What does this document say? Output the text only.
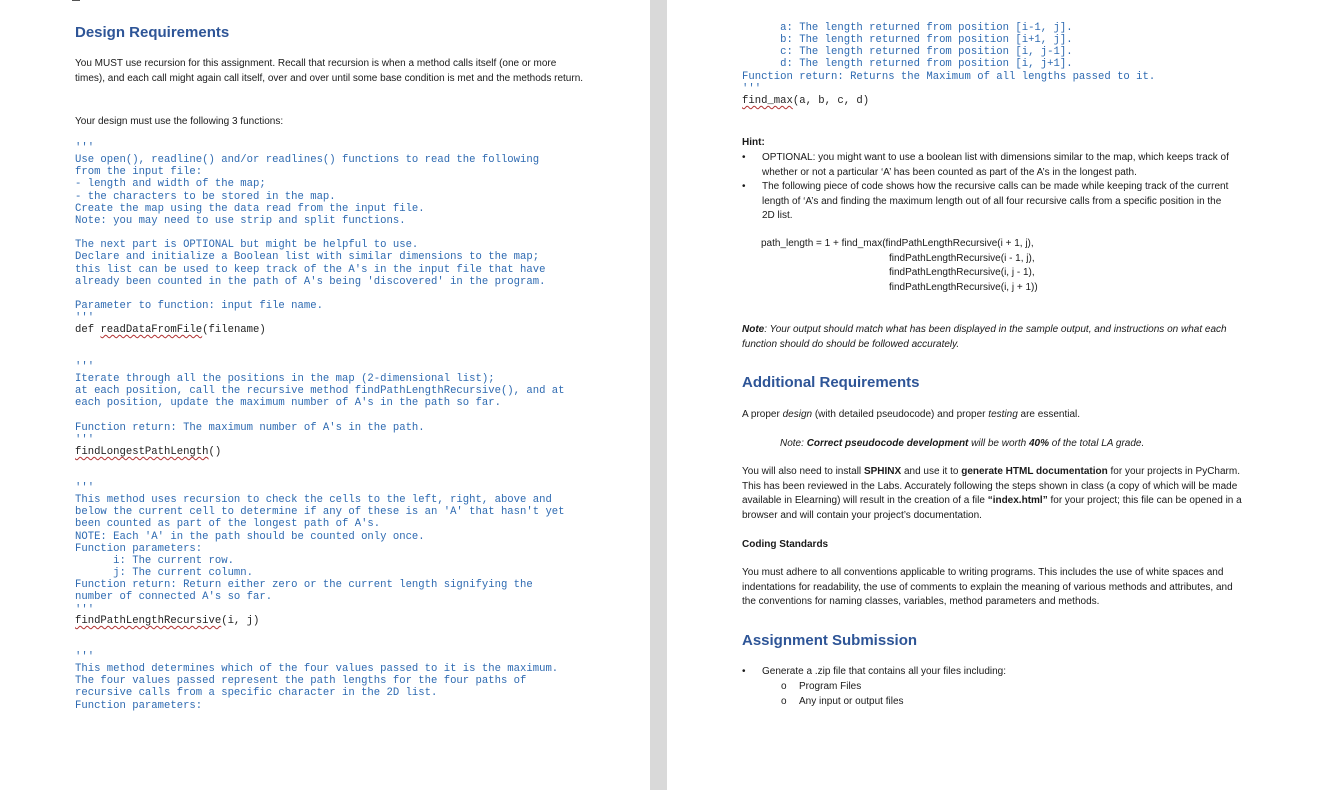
Design Requirements
You MUST use recursion for this assignment. Recall that recursion is when a method calls itself (one or more times), and each call might again call itself, over and over until some base condition is met and the methods return.
Your design must use the following 3 functions:
'''
Use open(), readline() and/or readlines() functions to read the following
from the input file:
- length and width of the map;
- the characters to be stored in the map.
Create the map using the data read from the input file.
Note: you may need to use strip and split functions.

The next part is OPTIONAL but might be helpful to use.
Declare and initialize a Boolean list with similar dimensions to the map;
this list can be used to keep track of the A's in the input file that have
already been counted in the path of A's being 'discovered' in the program.

Parameter to function: input file name.
'''
def readDataFromFile(filename)
'''
Iterate through all the positions in the map (2-dimensional list);
at each position, call the recursive method findPathLengthRecursive(), and at
each position, update the maximum number of A's in the path so far.

Function return: The maximum number of A's in the path.
'''
findLongestPathLength()
'''
This method uses recursion to check the cells to the left, right, above and
below the current cell to determine if any of these is an 'A' that hasn't yet
been counted as part of the longest path of A's.
NOTE: Each 'A' in the path should be counted only once.
Function parameters:
i: The current row.
j: The current column.
Function return: Return either zero or the current length signifying the
number of connected A's so far.
'''
findPathLengthRecursive(i, j)
'''
This method determines which of the four values passed to it is the maximum.
The four values passed represent the path lengths for the four paths of
recursive calls from a specific character in the 2D list.
Function parameters:
a: The length returned from position [i-1, j].
b: The length returned from position [i+1, j].
c: The length returned from position [i, j-1].
d: The length returned from position [i, j+1].
Function return: Returns the Maximum of all lengths passed to it.
'''
find_max(a, b, c, d)
Hint:
• OPTIONAL: you might want to use a boolean list with dimensions similar to the map, which keeps track of whether or not a particular ‘A’ has been counted as part of the A’s in the longest path.
• The following piece of code shows how the recursive calls can be made while keeping track of the current length of ‘A’s and finding the maximum length out of all four recursive calls from a specific position in the 2D list.
path_length = 1 + find_max(findPathLengthRecursive(i + 1, j),
findPathLengthRecursive(i - 1, j),
findPathLengthRecursive(i, j - 1),
findPathLengthRecursive(i, j + 1))
Note: Your output should match what has been displayed in the sample output, and instructions on what each function should do should be followed accurately.
Additional Requirements
A proper design (with detailed pseudocode) and proper testing are essential.
Note: Correct pseudocode development will be worth 40% of the total LA grade.
You will also need to install SPHINX and use it to generate HTML documentation for your projects in PyCharm. This has been reviewed in the Labs. Accurately following the steps shown in class (a copy of which will be made available in Elearning) will result in the creation of a file “index.html” for your project; this file can be opened in a browser and will contain your project’s documentation.
Coding Standards
You must adhere to all conventions applicable to writing programs. This includes the use of white spaces and indentations for readability, the use of comments to explain the meaning of various methods and attributes, and the conventions for naming classes, variables, method parameters and methods.
Assignment Submission
• Generate a .zip file that contains all your files including:
o Program Files
o Any input or output files
